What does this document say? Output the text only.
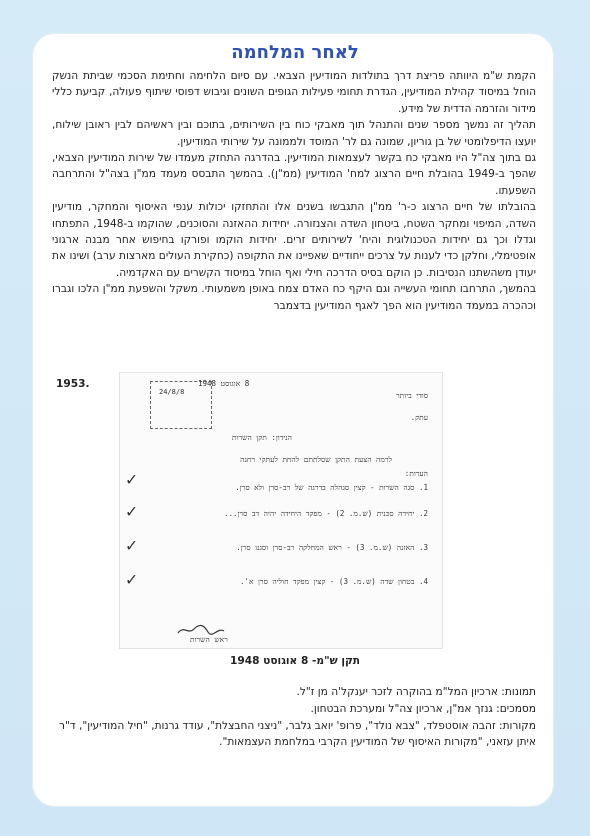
לאחר המלחמה

הקמת ש"מ היוותה פריצת דרך בתולדות המודיעין הצבאי. עם סיום הלחימה וחתימת הסכמי שביתת הנשק הוחל במיסוד קהילת המודיעין, הגדרת תחומי פעילות הגופים השונים וגיבוש דפוסי שיתוף פעולה, קביעת כללי מידור והזרמה הדדית של מידע.

תהליך זה נמשך מספר שנים והתנהל תוך מאבקי כוח בין השירותים, בתוכם ובין ראשיהם לבין ראובן שילוח, יועצו הדיפלומטי של בן גוריון, שמונה גם לר' המוסד ולממונה על שירותי המודיעין.

גם בתוך צה"ל היו מאבקי כח בקשר לעצמאות המודיעין. בהדרגה התחזק מעמדו של שירות המודיעין הצבאי, שהפך ב-1949 בהובלת חיים הרצוג למח' המודיעין (ממ"ן). בהמשך התבסס מעמד ממ"ן בצה"ל והתרחבה השפעתו.

בהובלתו של חיים הרצוג כ-ר' ממ"ן התגבשו בשנים אלו והתחזקו יכולות ענפי האיסוף והמחקר, מודיעין השדה, המיפוי ומחקר השטח, ביטחון השדה והצנזורה. יחידות ההאזנה והסוכנים, שהוקמו ב-1948, התפתחו וגדלו וכך גם יחידות הטכנולוגית והיח' לשירותים זרים. יחידות הוקמו ופורקו בחיפוש אחר מבנה ארגוני אופטימלי, וחלקן כדי לענות על צרכים ייחודיים שאפיינו את התקופה (כחקירת העולים מארצות ערב) ושינו את יעודן משהשתנו הנסיבות. כן הוקם בסיס הדרכה חילי ואף הוחל במיסוד הקשרים עם האקדמיה.

בהמשך, התרחבו תחומי העשייה וגם היקף כח האדם צמח באופן משמעותי. משקל והשפעת ממ"ן הלכו וגברו וכהכרה במעמד המודיעין הוא הפך לאגף המודיעין בדצמבר

1953.
24/8/8
8 אוגוסט 1948
סודי ביותר
עתק.
הנידון: תקן השרות
לרמה הצעת התקן שסלתתם להחת לעתקי רחנה
הערות:
1. סגה השרות - קצין סגהלה בדרגה של רב-סרן ולא סרן.
2. יחידה סכנית (ש.מ. 2) - מפקד היחידה יהיה דב סרן...
3. האזנה (ש.מ. 3) - ראש המחלקה רב-סרן וסגנו סרן.
4. בטחון שדה (ש.מ. 3) - קצין מפקד חוליה סרן א'.
✓
✓
✓
✓
ראש השרות
תקן ש"מ- 8 אוגוסט 1948

תמונות: ארכיון המל"מ בהוקרה לזכר יענקל'ה מן ז"ל.

מסמכים: גנזך אמ"ן, ארכיון צה"ל ומערכת הבטחון.

מקורות: זהבה אוסטפלד, "צבא נולד", פרופ' יואב גלבר, "ניצני החבצלת", עודד גרנות, "חיל המודיעין", ד"ר איתן עזאני, "מקורות האיסוף של המודיעין הקרבי במלחמת העצמאות".
